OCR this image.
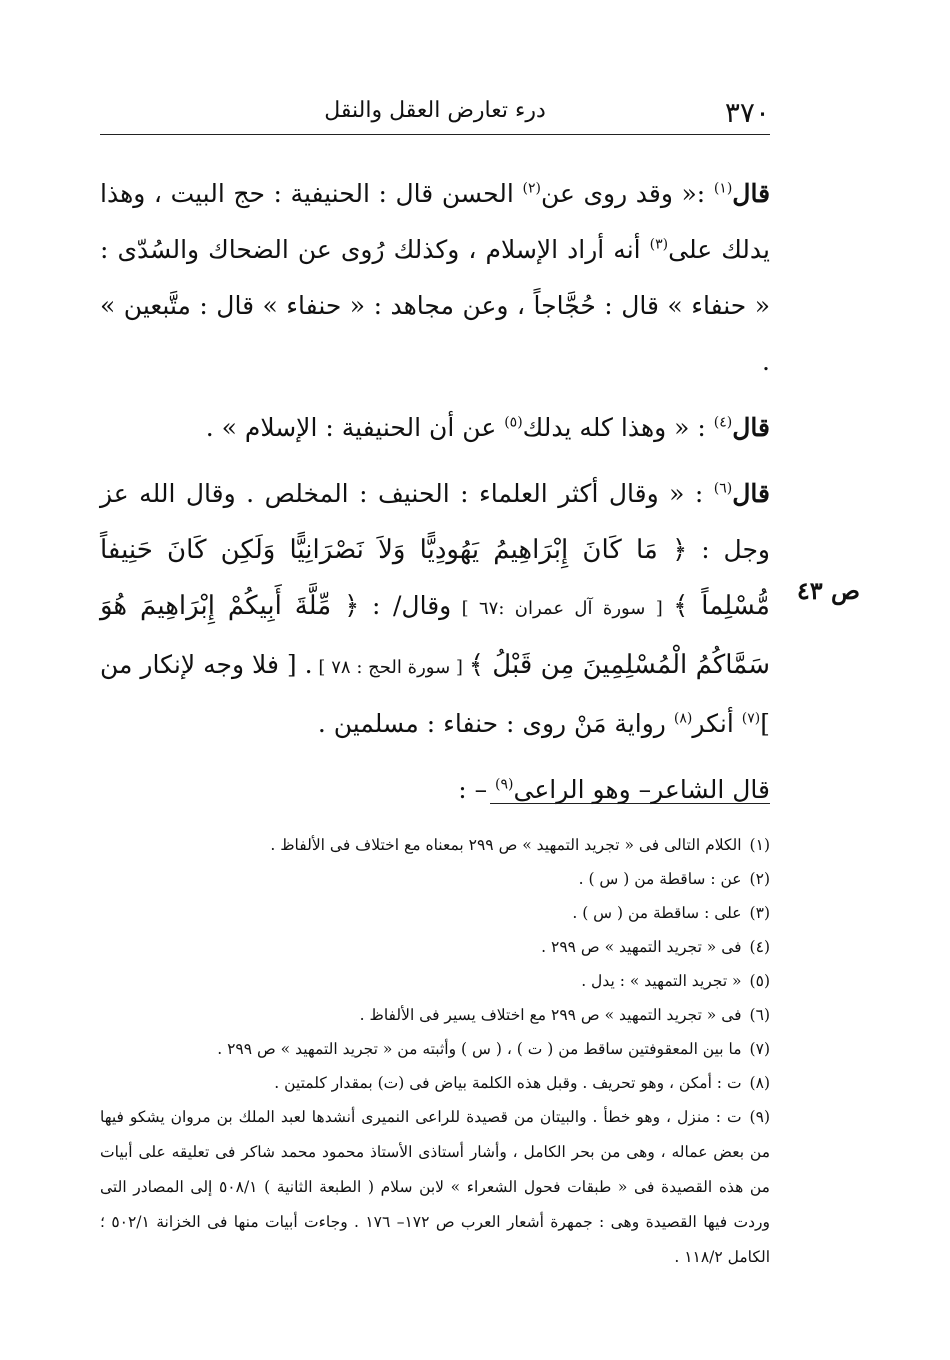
٣٧٠
درء تعارض العقل والنقل

قال$^{(١)}$ :« وقد روى عن$^{(٢)}$ الحسن قال : الحنيفية : حج البيت ، وهذا يدلك على$^{(٣)}$ أنه أراد الإسلام ، وكذلك رُوى عن الضحاك والسُدّى : « حنفاء » قال : حُجَّاجاً ، وعن مجاهد : « حنفاء » قال : متَّبعين » .

قال$^{(٤)}$ : « وهذا كله يدلك$^{(٥)}$ عن أن الحنيفية : الإسلام » .

قال$^{(٦)}$ : « وقال أكثر العلماء : الحنيف : المخلص . وقال الله عز وجل : ﴿ مَا كَانَ إِبْرَاهِيمُ يَهُودِيًّا وَلاَ نَصْرَانِيًّا وَلَكِن كَانَ حَنِيفاً مُّسْلِماً ﴾ [ سورة آل عمران :٦٧ ] وقال/ : ﴿ مِّلَّةَ أَبِيكُمْ إِبْرَاهِيمَ هُوَ سَمَّاكُمُ الْمُسْلِمِينَ مِن قَبْلُ ﴾ [ سورة الحج : ٧٨ ] . [ فلا وجه لإنكار من ]$^{(٧)}$ أنكر$^{(٨)}$ رواية مَنْ روى : حنفاء : مسلمين .

قال الشاعر– وهو الراعى$^{(٩)}$ – :

ص ٤٣

(١)الكلام التالى فى « تجريد التمهيد » ص ٢٩٩ بمعناه مع اختلاف فى الألفاظ .

(٢)عن : ساقطة من ( س ) .

(٣)على : ساقطة من ( س ) .

(٤)فى « تجريد التمهيد » ص ٢٩٩ .

(٥)« تجريد التمهيد » : يدل .

(٦)فى « تجريد التمهيد » ص ٢٩٩ مع اختلاف يسير فى الألفاظ .

(٧)ما بين المعقوفتين ساقط من ( ت ) ، ( س ) وأثبته من « تجريد التمهيد » ص ٢٩٩ .

(٨)ت : أمكن ، وهو تحريف . وقبل هذه الكلمة بياض فى (ت) بمقدار كلمتين .

(٩)ت : منزل ، وهو خطأ . والبيتان من قصيدة للراعى النميرى أنشدها لعبد الملك بن مروان يشكو فيها من بعض عماله ، وهى من بحر الكامل ، وأشار أستاذى الأستاذ محمود محمد شاكر فى تعليقه على أبيات من هذه القصيدة فى « طبقات فحول الشعراء » لابن سلام ( الطبعة الثانية ) ٥٠٨/١ إلى المصادر التى وردت فيها القصيدة وهى : جمهرة أشعار العرب ص ١٧٢– ١٧٦ . وجاءت أبيات منها فى الخزانة ٥٠٢/١ ؛ الكامل ١١٨/٢ .
